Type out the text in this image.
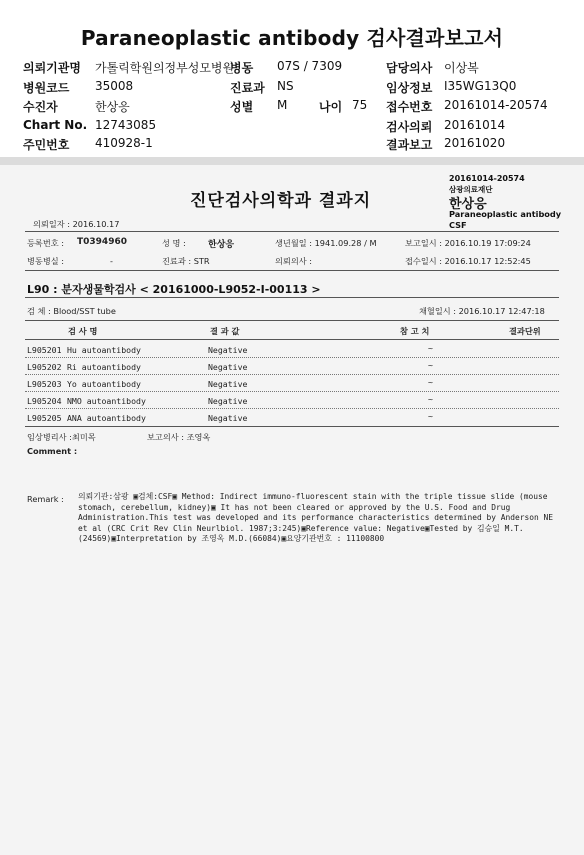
Paraneoplastic antibody 검사결과보고서
의뢰기관명 가톨릭학원의정부성모병원
병동 07S / 7309	담당의사 이상복
병원코드 35008	진료과 NS	임상정보 I35WG13Q0
수진자	한상응	성별 M	나이 75 접수번호 20161014-20574
Chart No. 12743085	검사의뢰 20161014
주민번호 410928-1	결과보고 20161020
진단검사의학과 결과지
20161014-20574
삼광의료재단
한상응
Paraneoplastic antibody
CSF
의뢰일자 : 2016.10.17
등록번호 : T0394960	성 명 : 한상응	생년월일 : 1941.09.28 / M	보고일시 : 2016.10.19 17:09:24
병동병실 :	-	진료과 : STR	의뢰의사 :	접수일시 : 2016.10.17 12:52:45
L90 : 분자생물학검사 < 20161000-L9052-I-00113 >
검 체 : Blood/SST tube	채혈일시 : 2016.10.17 12:47:18
검 사 명	결 과 값	참 고 치	결과단위
L905201 Hu autoantibody	Negative	~
L905202 Ri autoantibody	Negative	~
L905203 Yo autoantibody	Negative	~
L905204 NMO autoantibody	Negative	~
L905205 ANA autoantibody	Negative	~
임상병리사 :최미목	보고의사 : 조영옥
Comment :
Remark : 의뢰기관:삼광 ▣검체:CSF▣ Method: Indirect immuno-fluorescent stain with the triple tissue slide (mouse stomach, cerebellum, kidney)▣ It has not been cleared or approved by the U.S. Food and Drug Administration.This test was developed and its performance characteristics determined by Anderson NE et al (CRC Crit Rev Clin Neurlbiol. 1987;3:245)▣Reference value: Negative▣Tested by 김승일 M.T.(24569)▣Interpretation by 조영옥 M.D.(66084)▣요양기관번호 : 11100800
